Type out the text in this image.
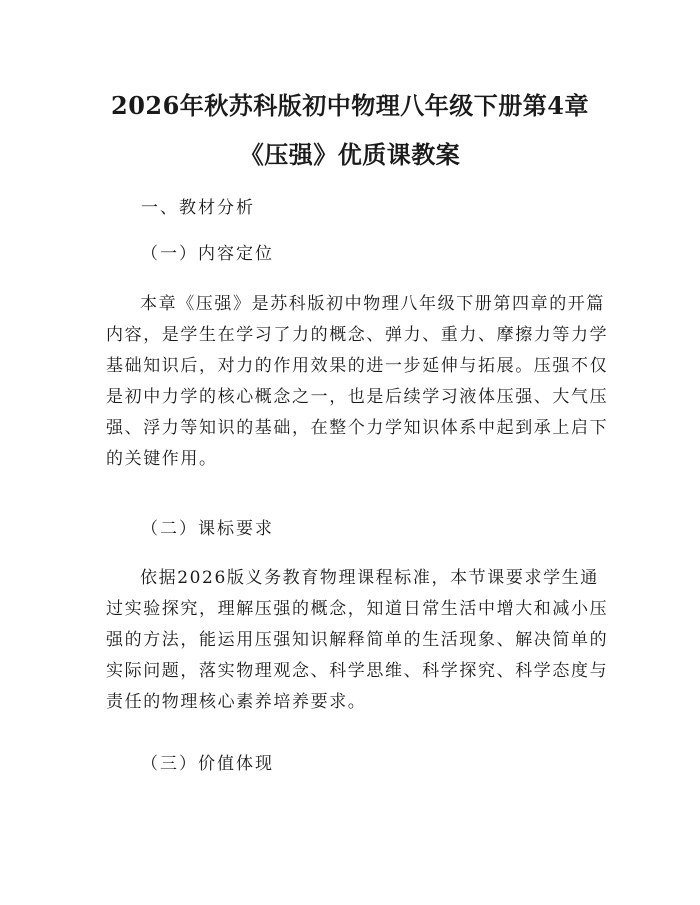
2026年秋苏科版初中物理八年级下册第4章
《压强》优质课教案
一、教材分析
（一）内容定位
本章《压强》是苏科版初中物理八年级下册第四章的开篇
内容，是学生在学习了力的概念、弹力、重力、摩擦力等力学
基础知识后，对力的作用效果的进一步延伸与拓展。压强不仅
是初中力学的核心概念之一，也是后续学习液体压强、大气压
强、浮力等知识的基础，在整个力学知识体系中起到承上启下
的关键作用。
（二）课标要求
依据2026版义务教育物理课程标准，本节课要求学生通
过实验探究，理解压强的概念，知道日常生活中增大和减小压
强的方法，能运用压强知识解释简单的生活现象、解决简单的
实际问题，落实物理观念、科学思维、科学探究、科学态度与
责任的物理核心素养培养要求。
（三）价值体现
